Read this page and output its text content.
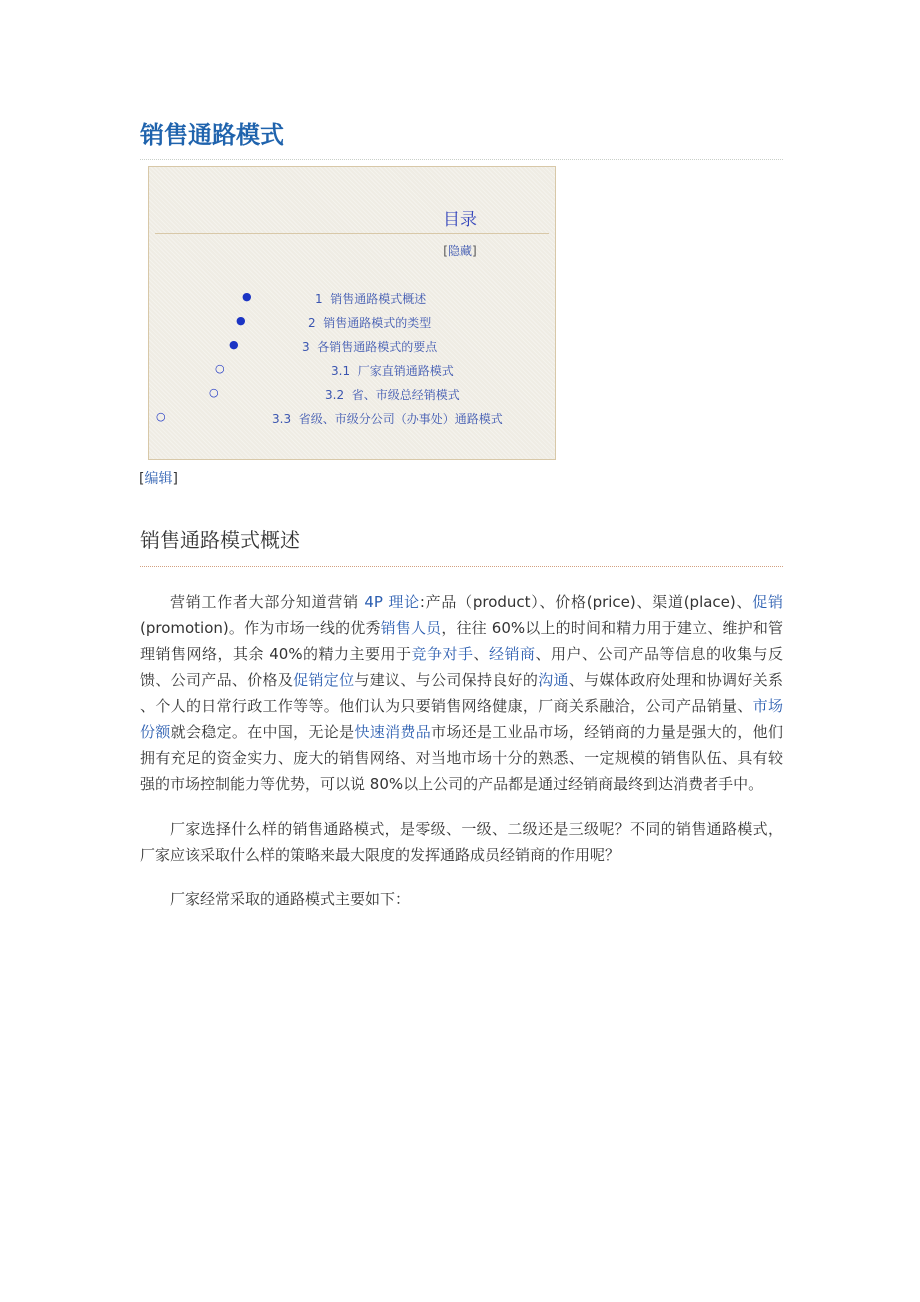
销售通路模式
目录
[隐藏]
●	1 销售通路模式概述
●	2 销售通路模式的类型
●	3 各销售通路模式的要点
○	3.1 厂家直销通路模式
○	3.2 省、市级总经销模式
○	3.3 省级、市级分公司（办事处）通路模式
[编辑]
销售通路模式概述
营销工作者大部分知道营销 4P 理论:产品（product）、价格(price)、渠道(place)、促销
(promotion)。作为市场一线的优秀销售人员，往往 60%以上的时间和精力用于建立、维护和管
理销售网络，其余 40%的精力主要用于竞争对手、经销商、用户、公司产品等信息的收集与反
馈、公司产品、价格及促销定位与建议、与公司保持良好的沟通、与媒体政府处理和协调好关系
、个人的日常行政工作等等。他们认为只要销售网络健康，厂商关系融洽，公司产品销量、市场
份额就会稳定。在中国，无论是快速消费品市场还是工业品市场，经销商的力量是强大的，他们
拥有充足的资金实力、庞大的销售网络、对当地市场十分的熟悉、一定规模的销售队伍、具有较
强的市场控制能力等优势，可以说 80%以上公司的产品都是通过经销商最终到达消费者手中。
厂家选择什么样的销售通路模式，是零级、一级、二级还是三级呢？不同的销售通路模式，
厂家应该采取什么样的策略来最大限度的发挥通路成员经销商的作用呢？
厂家经常采取的通路模式主要如下：
